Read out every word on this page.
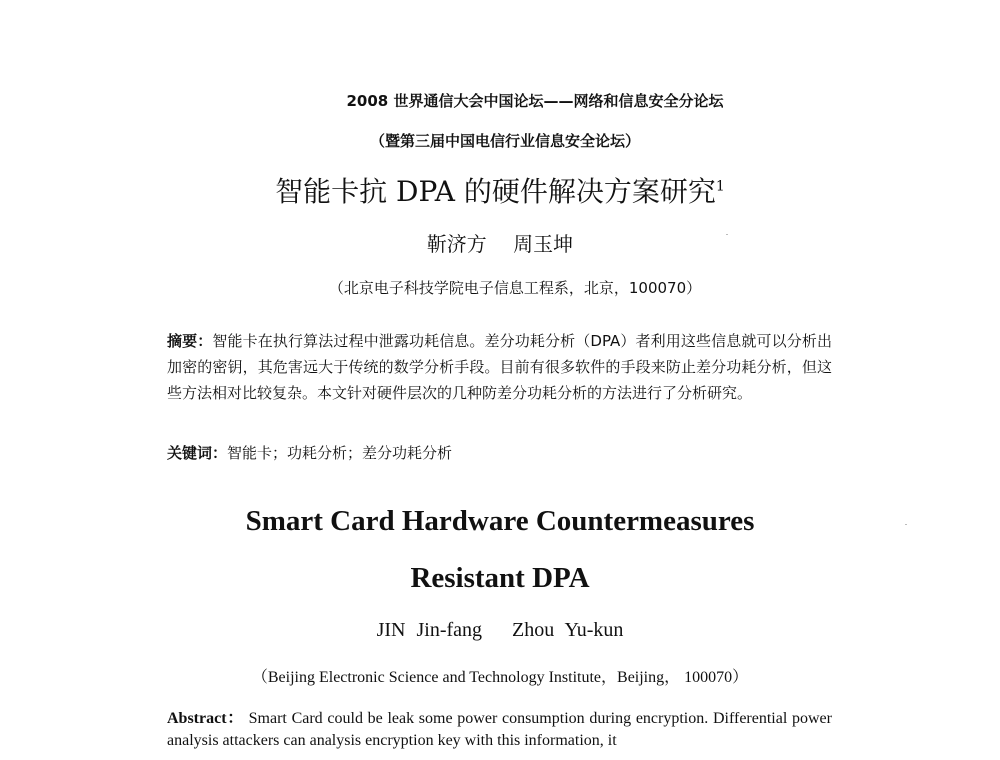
2008 世界通信大会中国论坛——网络和信息安全分论坛
（暨第三届中国电信行业信息安全论坛）
智能卡抗 DPA 的硬件解决方案研究$^1$
靳济方 周玉坤
（北京电子科技学院电子信息工程系，北京，100070）
摘要：智能卡在执行算法过程中泄露功耗信息。差分功耗分析（DPA）者利用这些信息就可以分析出加密的密钥，其危害远大于传统的数学分析手段。目前有很多软件的手段来防止差分功耗分析，但这些方法相对比较复杂。本文针对硬件层次的几种防差分功耗分析的方法进行了分析研究。
关键词：智能卡；功耗分析；差分功耗分析
Smart Card Hardware Countermeasures
Resistant DPA
JIN Jin-fang Zhou Yu-kun
（Beijing Electronic Science and Technology Institute，Beijing， 100070）
Abstract： Smart Card could be leak some power consumption during encryption. Differential power analysis attackers can analysis encryption key with this information, it
